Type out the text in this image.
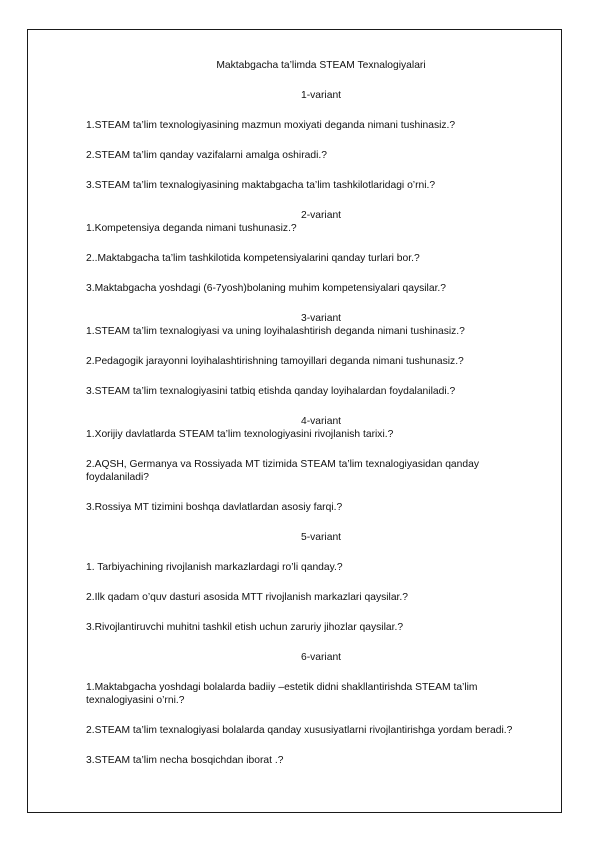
Maktabgacha ta’limda STEAM Texnalogiyalari

1-variant

1.STEAM ta’lim texnologiyasining mazmun moxiyati deganda nimani tushinasiz.?

2.STEAM ta’lim qanday vazifalarni amalga oshiradi.?

3.STEAM ta’lim texnalogiyasining maktabgacha ta’lim tashkilotlaridagi o’rni.?

2-variant

1.Kompetensiya deganda nimani tushunasiz.?

2..Maktabgacha ta’lim tashkilotida kompetensiyalarini qanday turlari bor.?

3.Maktabgacha yoshdagi (6-7yosh)bolaning muhim kompetensiyalari qaysilar.?

3-variant

1.STEAM ta’lim texnalogiyasi va uning loyihalashtirish deganda nimani tushinasiz.?

2.Pedagogik jarayonni loyihalashtirishning tamoyillari deganda nimani tushunasiz.?

3.STEAM ta’lim texnalogiyasini tatbiq etishda qanday loyihalardan foydalaniladi.?

4-variant

1.Xorijiy davlatlarda STEAM ta’lim texnologiyasini rivojlanish tarixi.?

2.AQSH, Germanya va Rossiyada MT tizimida STEAM ta’lim texnalogiyasidan qanday

foydalaniladi?

3.Rossiya MT tizimini boshqa davlatlardan asosiy farqi.?

5-variant

1. Tarbiyachining rivojlanish markazlardagi ro’li qanday.?

2.Ilk qadam o’quv dasturi asosida MTT rivojlanish markazlari qaysilar.?

3.Rivojlantiruvchi muhitni tashkil etish uchun zaruriy jihozlar qaysilar.?

6-variant

1.Maktabgacha yoshdagi bolalarda badiiy –estetik didni shakllantirishda STEAM ta’lim

texnalogiyasini o’rni.?

2.STEAM ta’lim texnalogiyasi bolalarda qanday xususiyatlarni rivojlantirishga yordam beradi.?

3.STEAM ta’lim necha bosqichdan iborat .?
